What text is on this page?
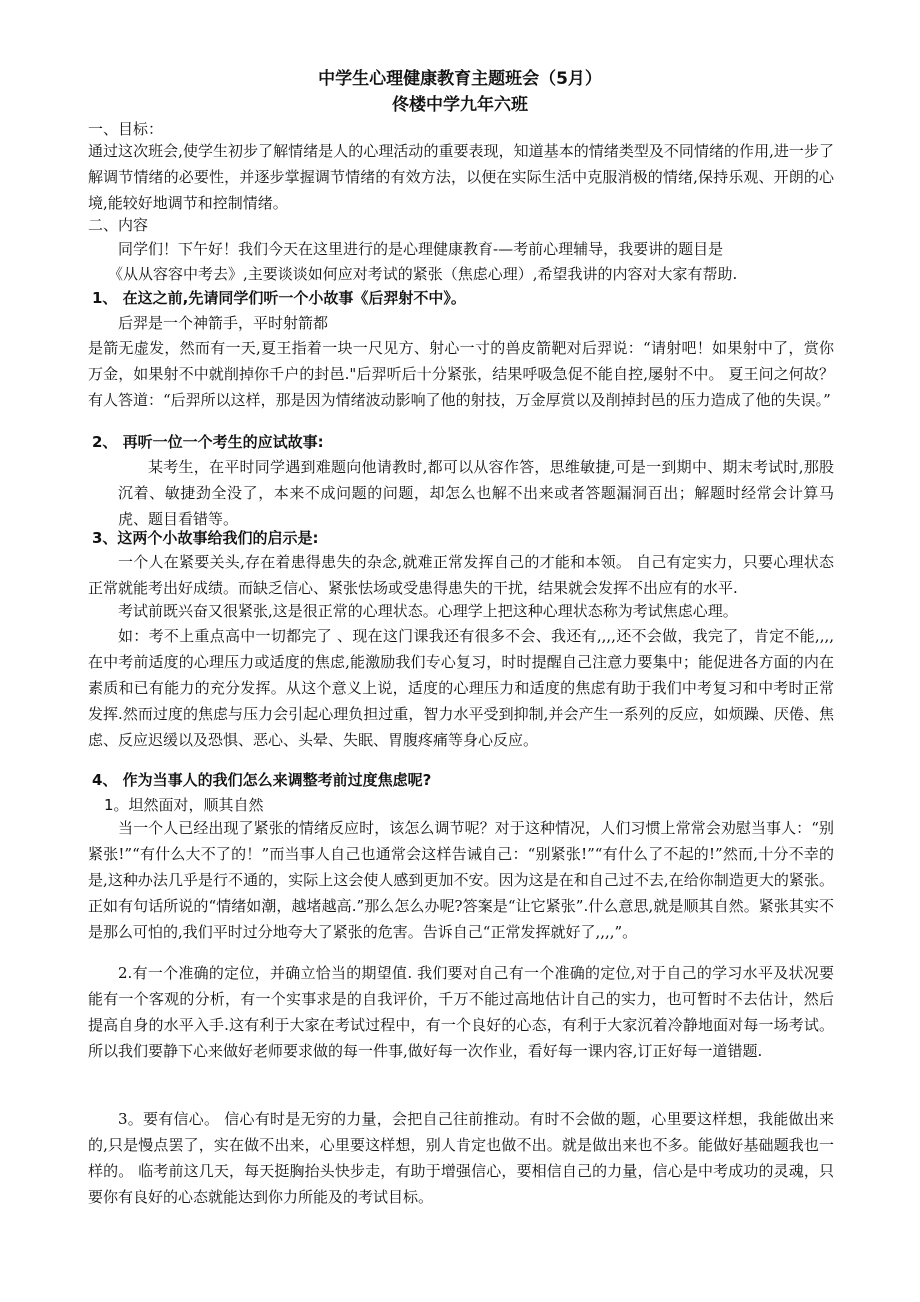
中学生心理健康教育主题班会（5月）

佟楼中学九年六班

一、目标：

通过这次班会,使学生初步了解情绪是人的心理活动的重要表现，知道基本的情绪类型及不同情绪的作用,进一步了解调节情绪的必要性，并逐步掌握调节情绪的有效方法，以便在实际生活中克服消极的情绪,保持乐观、开朗的心境,能较好地调节和控制情绪。

二、内容

同学们！下午好！我们今天在这里进行的是心理健康教育-—考前心理辅导，我要讲的题目是

《从从容容中考去》,主要谈谈如何应对考试的紧张（焦虑心理）,希望我讲的内容对大家有帮助.

1、 在这之前,先请同学们听一个小故事《后羿射不中》。

后羿是一个神箭手，平时射箭都

是箭无虚发，然而有一天,夏王指着一块一尺见方、射心一寸的兽皮箭靶对后羿说：“请射吧！如果射中了，赏你万金，如果射不中就削掉你千户的封邑."后羿听后十分紧张，结果呼吸急促不能自控,屡射不中。 夏王问之何故？有人答道：“后羿所以这样，那是因为情绪波动影响了他的射技，万金厚赏以及削掉封邑的压力造成了他的失误。”

2、 再听一位一个考生的应试故事:

某考生，在平时同学遇到难题向他请教时,都可以从容作答，思维敏捷,可是一到期中、期末考试时,那股沉着、敏捷劲全没了，本来不成问题的问题，却怎么也解不出来或者答题漏洞百出；解题时经常会计算马虎、题目看错等。

3、这两个小故事给我们的启示是:

一个人在紧要关头,存在着患得患失的杂念,就难正常发挥自己的才能和本领。 自己有定实力，只要心理状态正常就能考出好成绩。而缺乏信心、紧张怯场或受患得患失的干扰，结果就会发挥不出应有的水平.

考试前既兴奋又很紧张,这是很正常的心理状态。心理学上把这种心理状态称为考试焦虑心理。

如：考不上重点高中一切都完了 、现在这门课我还有很多不会、我还有,,,,还不会做，我完了，肯定不能,,,, 在中考前适度的心理压力或适度的焦虑,能激励我们专心复习，时时提醒自己注意力要集中；能促进各方面的内在素质和已有能力的充分发挥。从这个意义上说，适度的心理压力和适度的焦虑有助于我们中考复习和中考时正常发挥.然而过度的焦虑与压力会引起心理负担过重，智力水平受到抑制,并会产生一系列的反应，如烦躁、厌倦、焦虑、反应迟缓以及恐惧、恶心、头晕、失眠、胃腹疼痛等身心反应。

4、 作为当事人的我们怎么来调整考前过度焦虑呢?

1。坦然面对，顺其自然

当一个人已经出现了紧张的情绪反应时，该怎么调节呢？对于这种情况，人们习惯上常常会劝慰当事人：“别紧张!”“有什么大不了的！”而当事人自己也通常会这样告诫自己：“别紧张!”“有什么了不起的!”然而,十分不幸的是,这种办法几乎是行不通的，实际上这会使人感到更加不安。因为这是在和自己过不去,在给你制造更大的紧张。正如有句话所说的“情绪如潮，越堵越高.”那么怎么办呢?答案是“让它紧张”.什么意思,就是顺其自然。紧张其实不是那么可怕的,我们平时过分地夸大了紧张的危害。告诉自己“正常发挥就好了,,,,”。

2.有一个准确的定位，并确立恰当的期望值. 我们要对自己有一个准确的定位,对于自己的学习水平及状况要能有一个客观的分析，有一个实事求是的自我评价，千万不能过高地估计自己的实力，也可暂时不去估计，然后提高自身的水平入手.这有利于大家在考试过程中，有一个良好的心态，有利于大家沉着冷静地面对每一场考试。所以我们要静下心来做好老师要求做的每一件事,做好每一次作业，看好每一课内容,订正好每一道错题.

3。要有信心。 信心有时是无穷的力量，会把自己往前推动。有时不会做的题，心里要这样想，我能做出来的,只是慢点罢了，实在做不出来，心里要这样想，别人肯定也做不出。就是做出来也不多。能做好基础题我也一样的。 临考前这几天，每天挺胸抬头快步走，有助于增强信心，要相信自己的力量，信心是中考成功的灵魂，只要你有良好的心态就能达到你力所能及的考试目标。
